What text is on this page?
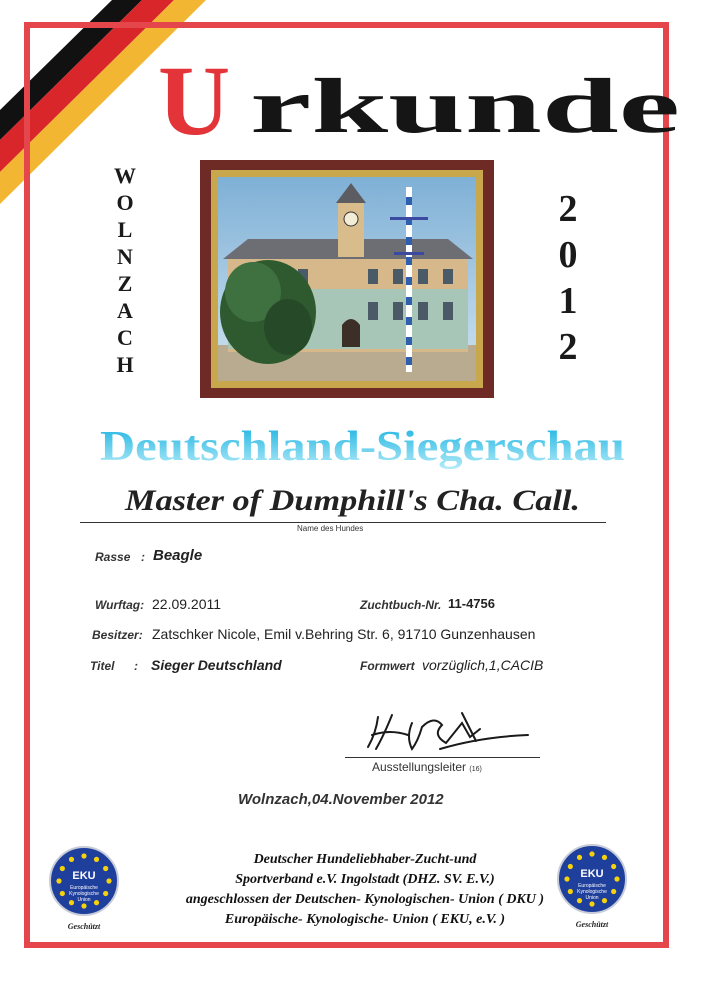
U rkunde
W
O
L
N
Z
A
C
H
2
0
1
2
Deutschland-Siegerschau
Master of Dumphill's Cha. Call.
Name des Hundes
Rasse : Beagle
Wurftag: 22.09.2011	Zuchtbuch-Nr. 11-4756
Besitzer: Zatschker Nicole, Emil v.Behring Str. 6, 91710 Gunzenhausen
Titel : Sieger Deutschland	Formwert vorzüglich,1,CACIB
Ausstellungsleiter (16)
Wolnzach,04.November 2012
Deutscher Hundeliebhaber-Zucht-und
Sportverband e.V. Ingolstadt (DHZ. SV. E.V.)
angeschlossen der Deutschen- Kynologischen- Union ( DKU )
Europäische- Kynologische- Union ( EKU, e.V. )
EKU
Europäische
Kynologische
Union
Geschützt
EKU
Europäische
Kynologische
Union
Geschützt
